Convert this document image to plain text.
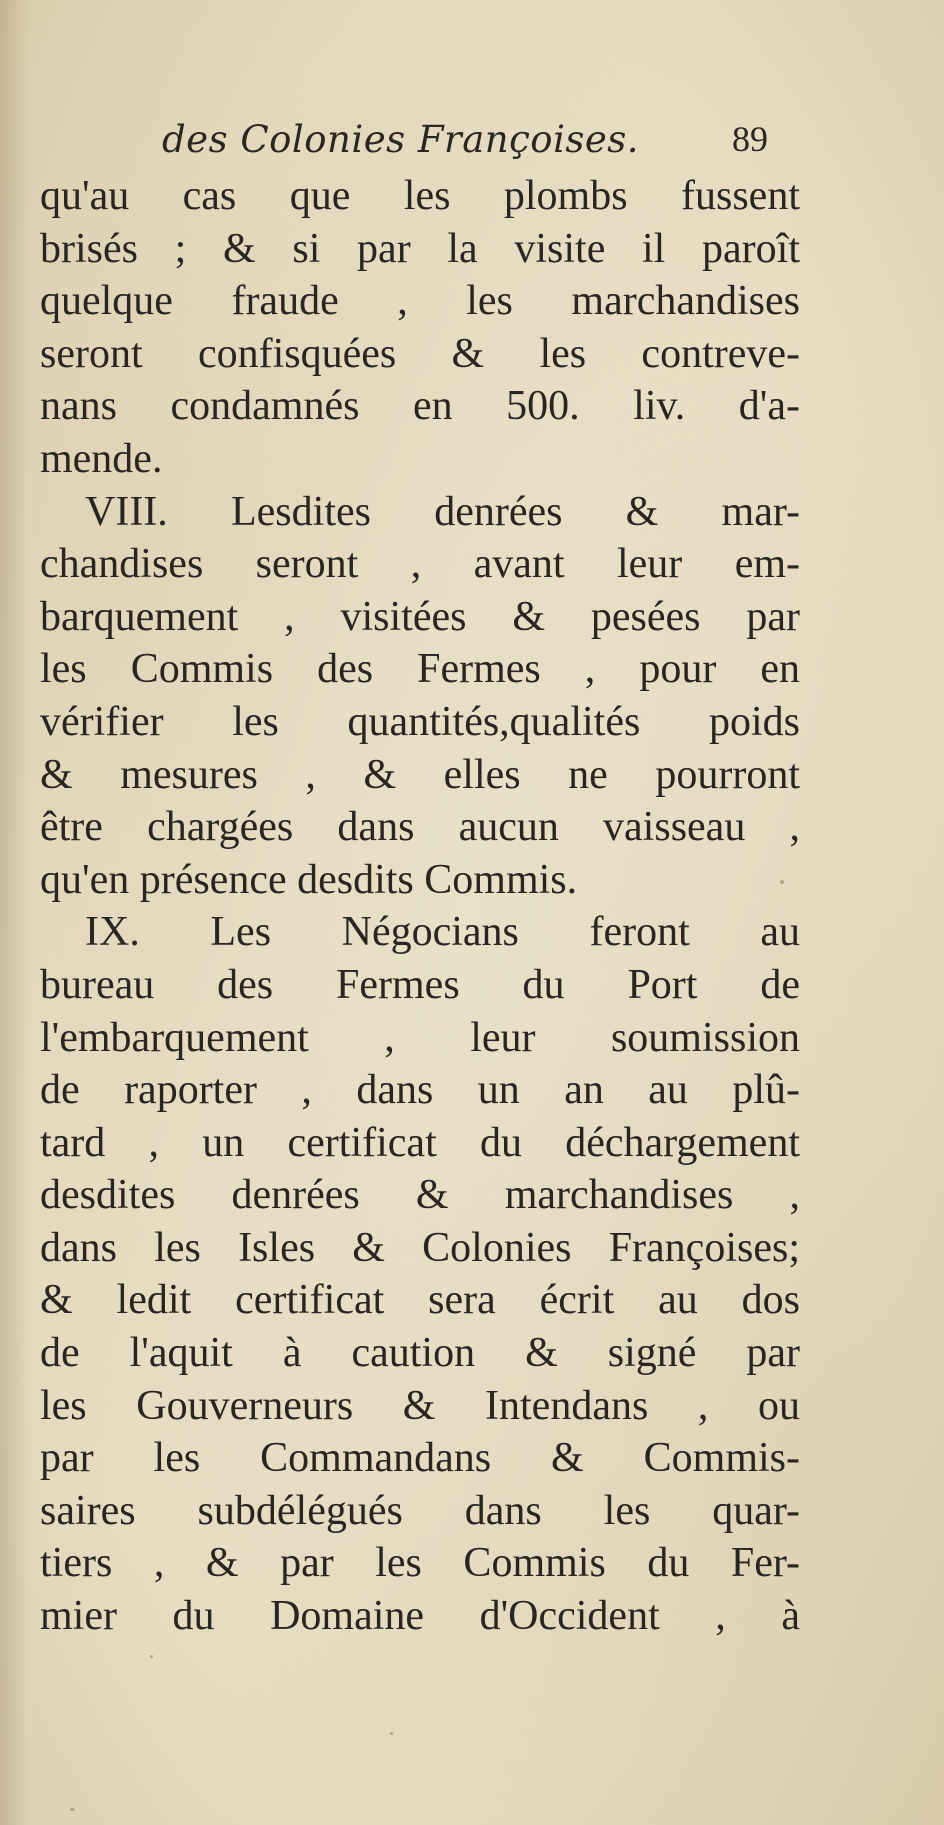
des Colonies Françoises.	89
qu'au cas que les plombs fussent
brisés ; & si par la visite il paroît
quelque fraude , les marchandises
seront confisquées & les contreve-
nans condamnés en 500. liv. d'a-
mende.
VIII. Lesdites denrées & mar-
chandises seront , avant leur em-
barquement , visitées & pesées par
les Commis des Fermes , pour en
vérifier les quantités,qualités poids
& mesures , & elles ne pourront
être chargées dans aucun vaisseau ,
qu'en présence desdits Commis.
IX. Les Négocians feront au
bureau des Fermes du Port de
l'embarquement , leur soumission
de raporter , dans un an au plû-
tard , un certificat du déchargement
desdites denrées & marchandises ,
dans les Isles & Colonies Françoises;
& ledit certificat sera écrit au dos
de l'aquit à caution & signé par
les Gouverneurs & Intendans , ou
par les Commandans & Commis-
saires subdélégués dans les quar-
tiers , & par les Commis du Fer-
mier du Domaine d'Occident , à
